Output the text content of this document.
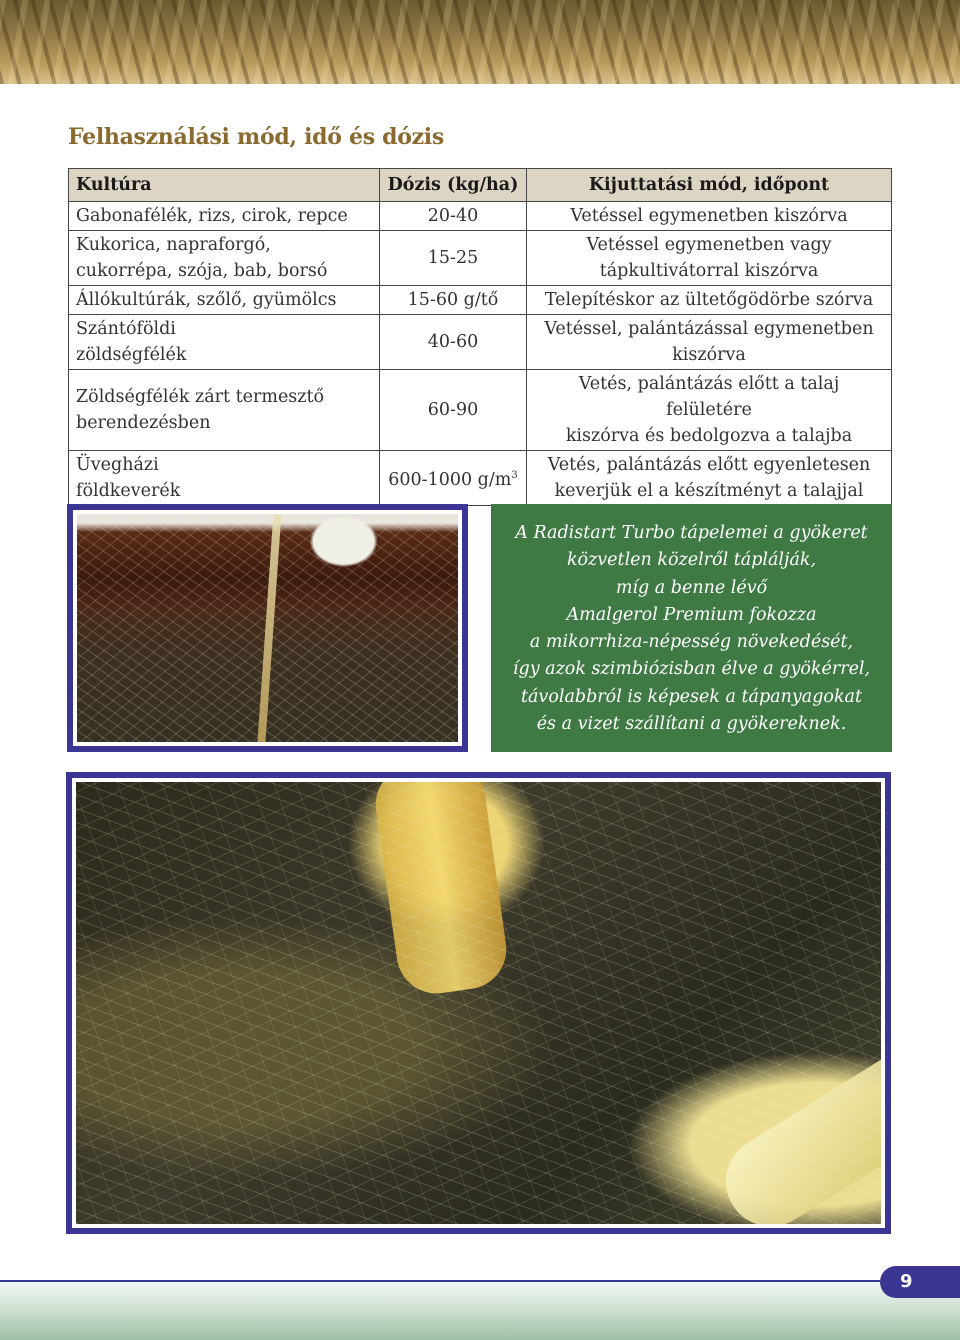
Felhasználási mód, idő és dózis
Kultúra	Dózis (kg/ha)	Kijuttatási mód, időpont
Gabonafélék, rizs, cirok, repce	20-40	Vetéssel egymenetben kiszórva
Kukorica, napraforgó,
cukorrépa, szója, bab, borsó	15-25	Vetéssel egymenetben vagy
tápkultivátorral kiszórva
Állókultúrák, szőlő, gyümölcs	15-60 g/tő	Telepítéskor az ültetőgödörbe szórva
Szántóföldi
zöldségfélék	40-60	Vetéssel, palántázással egymenetben
kiszórva
Zöldségfélék zárt termesztő
berendezésben	60-90	Vetés, palántázás előtt a talaj felületére
kiszórva és bedolgozva a talajba
Üvegházi
földkeverék	600-1000 $g/m^3$	Vetés, palántázás előtt egyenletesen
keverjük el a készítményt a talajjal
A Radistart Turbo tápelemei a gyökeret
közvetlen közelről táplálják,
míg a benne lévő
Amalgerol Premium fokozza
a mikorrhiza-népesség növekedését,
így azok szimbiózisban élve a gyökérrel,
távolabbról is képesek a tápanyagokat
és a vizet szállítani a gyökereknek.
9
